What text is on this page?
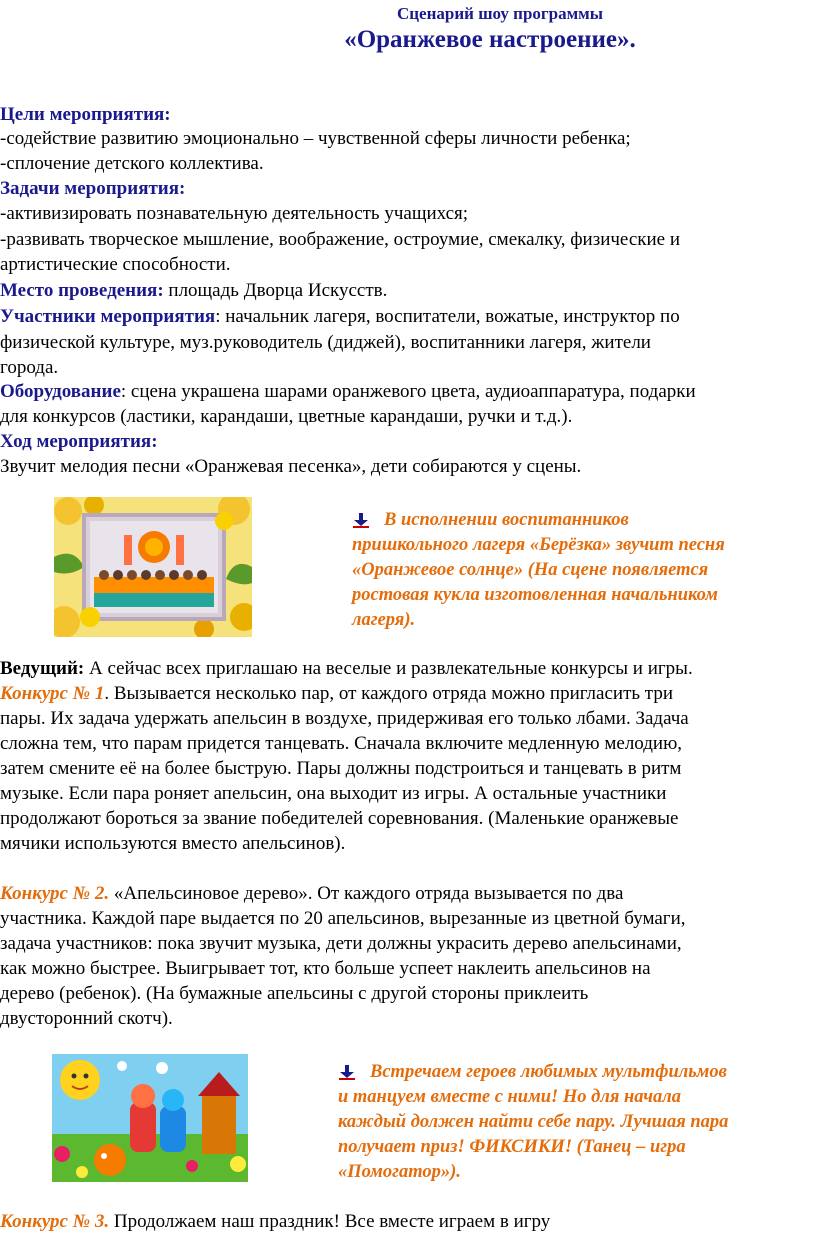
Сценарий шоу программы
«Оранжевое настроение».
Цели мероприятия:
-содействие развитию эмоционально – чувственной сферы личности ребенка;
-сплочение детского коллектива.
Задачи мероприятия:
-активизировать познавательную деятельность учащихся;
-развивать творческое мышление, воображение, остроумие, смекалку, физические и
артистические способности.
Место проведения: площадь Дворца Искусств.
Участники мероприятия: начальник лагеря, воспитатели, вожатые, инструктор по
физической культуре, муз.руководитель (диджей), воспитанники лагеря, жители
города.
Оборудование: сцена украшена шарами оранжевого цвета, аудиоаппаратура, подарки
для конкурсов (ластики, карандаши, цветные карандаши, ручки и т.д.).
Ход мероприятия:
Звучит мелодия песни «Оранжевая песенка», дети собираются у сцены.
В исполнении воспитанников
пришкольного лагеря «Берёзка» звучит песня
«Оранжевое солнце» (На сцене появляется
ростовая кукла изготовленная начальником
лагеря).
Ведущий: А сейчас всех приглашаю на веселые и развлекательные конкурсы и игры.
Конкурс № 1. Вызывается несколько пар, от каждого отряда можно пригласить три
пары. Их задача удержать апельсин в воздухе, придерживая его только лбами. Задача
сложна тем, что парам придется танцевать. Сначала включите медленную мелодию,
затем смените её на более быструю. Пары должны подстроиться и танцевать в ритм
музыке. Если пара роняет апельсин, она выходит из игры. А остальные участники
продолжают бороться за звание победителей соревнования. (Маленькие оранжевые
мячики используются вместо апельсинов).
Конкурс № 2. «Апельсиновое дерево». От каждого отряда вызывается по два
участника. Каждой паре выдается по 20 апельсинов, вырезанные из цветной бумаги,
задача участников: пока звучит музыка, дети должны украсить дерево апельсинами,
как можно быстрее. Выигрывает тот, кто больше успеет наклеить апельсинов на
дерево (ребенок). (На бумажные апельсины с другой стороны приклеить
двусторонний скотч).
Встречаем героев любимых мультфильмов
и танцуем вместе с ними! Но для начала
каждый должен найти себе пару. Лучшая пара
получает приз! ФИКСИКИ! (Танец – игра
«Помогатор»).
Конкурс № 3. Продолжаем наш праздник! Все вместе играем в игру
